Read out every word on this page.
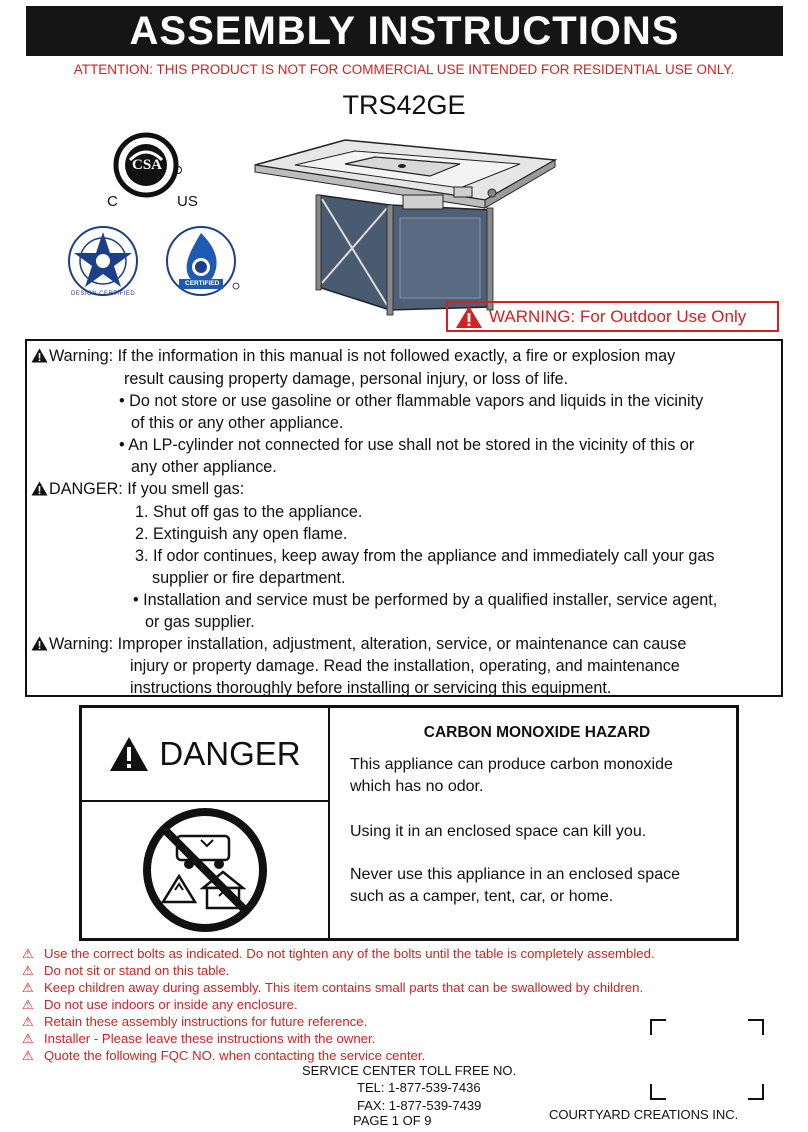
ASSEMBLY INSTRUCTIONS
ATTENTION: THIS PRODUCT IS NOT FOR COMMERCIAL USE INTENDED FOR RESIDENTIAL USE ONLY.
TRS42GE
CSA
C	US
DESIGN CERTIFIED
CERTIFIED
WARNING: For Outdoor Use Only
Warning: If the information in this manual is not followed exactly, a fire or explosion may
result causing property damage, personal injury, or loss of life.
• Do not store or use gasoline or other flammable vapors and liquids in the vicinity
of this or any other appliance.
• An LP-cylinder not connected for use shall not be stored in the vicinity of this or
any other appliance.
DANGER: If you smell gas:
1. Shut off gas to the appliance.
2. Extinguish any open flame.
3. If odor continues, keep away from the appliance and immediately call your gas
supplier or fire department.
• Installation and service must be performed by a qualified installer, service agent,
or gas supplier.
Warning: Improper installation, adjustment, alteration, service, or maintenance can cause
injury or property damage. Read the installation, operating, and maintenance
instructions thoroughly before installing or servicing this equipment.
DANGER
CARBON MONOXIDE HAZARD
This appliance can produce carbon monoxide
which has no odor.
Using it in an enclosed space can kill you.
Never use this appliance in an enclosed space
such as a camper, tent, car, or home.
⚠ Use the correct bolts as indicated. Do not tighten any of the bolts until the table is completely assembled.
⚠ Do not sit or stand on this table.
⚠ Keep children away during assembly. This item contains small parts that can be swallowed by children.
⚠ Do not use indoors or inside any enclosure.
⚠ Retain these assembly instructions for future reference.
⚠ Installer - Please leave these instructions with the owner.
⚠ Quote the following FQC NO. when contacting the service center.
SERVICE CENTER TOLL FREE NO.
TEL: 1-877-539-7436
FAX: 1-877-539-7439
PAGE 1 OF 9	COURTYARD CREATIONS INC.
